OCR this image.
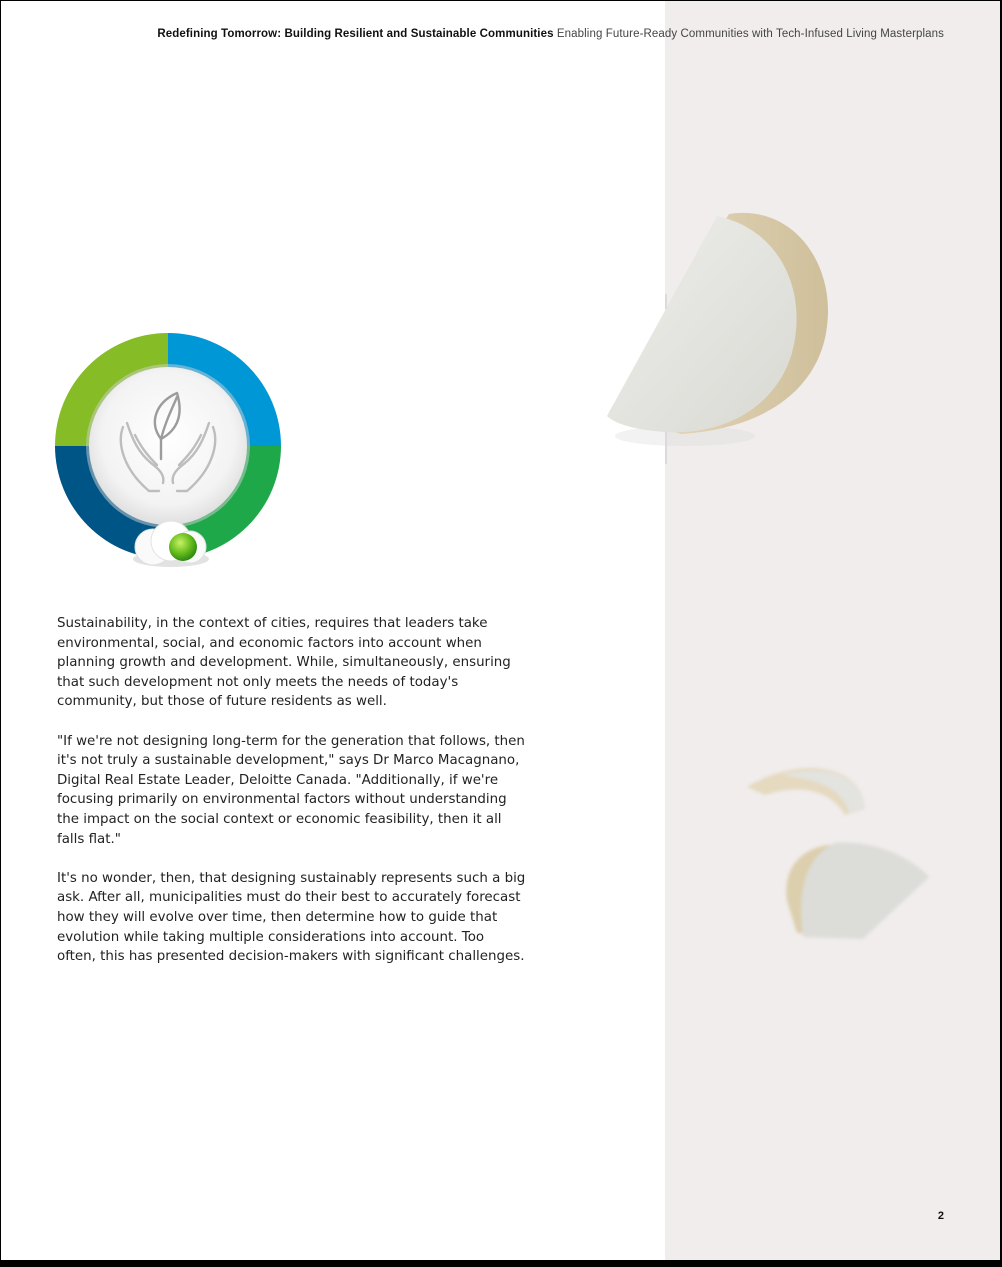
Redefining Tomorrow: Building Resilient and Sustainable Communities Enabling Future-Ready Communities with Tech-Infused Living Masterplans

Sustainability, in the context of cities, requires that leaders take environmental, social, and economic factors into account when planning growth and development. While, simultaneously, ensuring that such development not only meets the needs of today's community, but those of future residents as well.

"If we're not designing long-term for the generation that follows, then it's not truly a sustainable development," says Dr Marco Macagnano, Digital Real Estate Leader, Deloitte Canada. "Additionally, if we're focusing primarily on environmental factors without understanding the impact on the social context or economic feasibility, then it all falls flat."

It's no wonder, then, that designing sustainably represents such a big ask. After all, municipalities must do their best to accurately forecast how they will evolve over time, then determine how to guide that evolution while taking multiple considerations into account. Too often, this has presented decision-makers with significant challenges.

2
